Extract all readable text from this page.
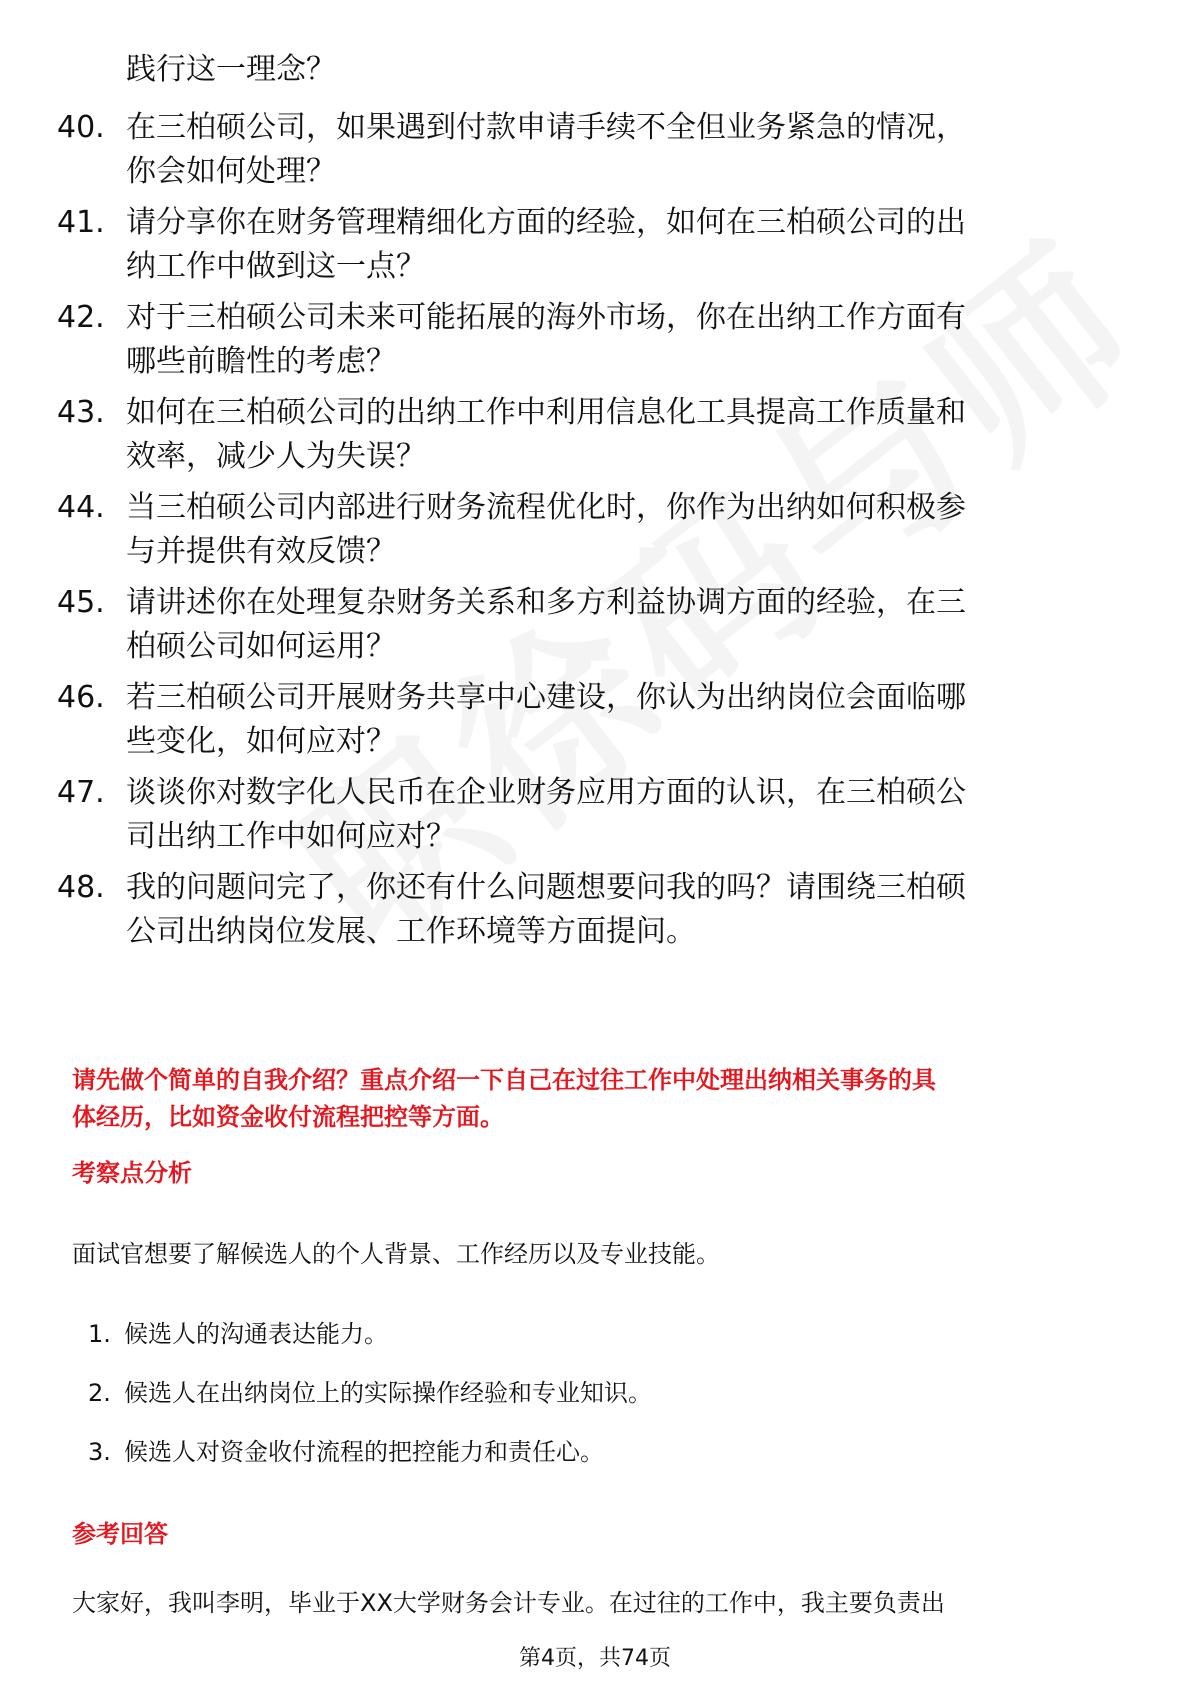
践行这一理念？
40. 在三柏硕公司，如果遇到付款申请手续不全但业务紧急的情况，
你会如何处理？
41. 请分享你在财务管理精细化方面的经验，如何在三柏硕公司的出
纳工作中做到这一点？
42. 对于三柏硕公司未来可能拓展的海外市场，你在出纳工作方面有
哪些前瞻性的考虑？
43. 如何在三柏硕公司的出纳工作中利用信息化工具提高工作质量和
效率，减少人为失误？
44. 当三柏硕公司内部进行财务流程优化时，你作为出纳如何积极参
与并提供有效反馈？
45. 请讲述你在处理复杂财务关系和多方利益协调方面的经验，在三
柏硕公司如何运用？
46. 若三柏硕公司开展财务共享中心建设，你认为出纳岗位会面临哪
些变化，如何应对？
47. 谈谈你对数字化人民币在企业财务应用方面的认识，在三柏硕公
司出纳工作中如何应对？
48. 我的问题问完了，你还有什么问题想要问我的吗？请围绕三柏硕
公司出纳岗位发展、工作环境等方面提问。
请先做个简单的自我介绍？重点介绍一下自己在过往工作中处理出纳相关事务的具
体经历，比如资金收付流程把控等方面。
考察点分析
面试官想要了解候选人的个人背景、工作经历以及专业技能。
1. 候选人的沟通表达能力。
2. 候选人在出纳岗位上的实际操作经验和专业知识。
3. 候选人对资金收付流程的把控能力和责任心。
参考回答
大家好，我叫李明，毕业于XX大学财务会计专业。在过往的工作中，我主要负责出
第4页，共74页
